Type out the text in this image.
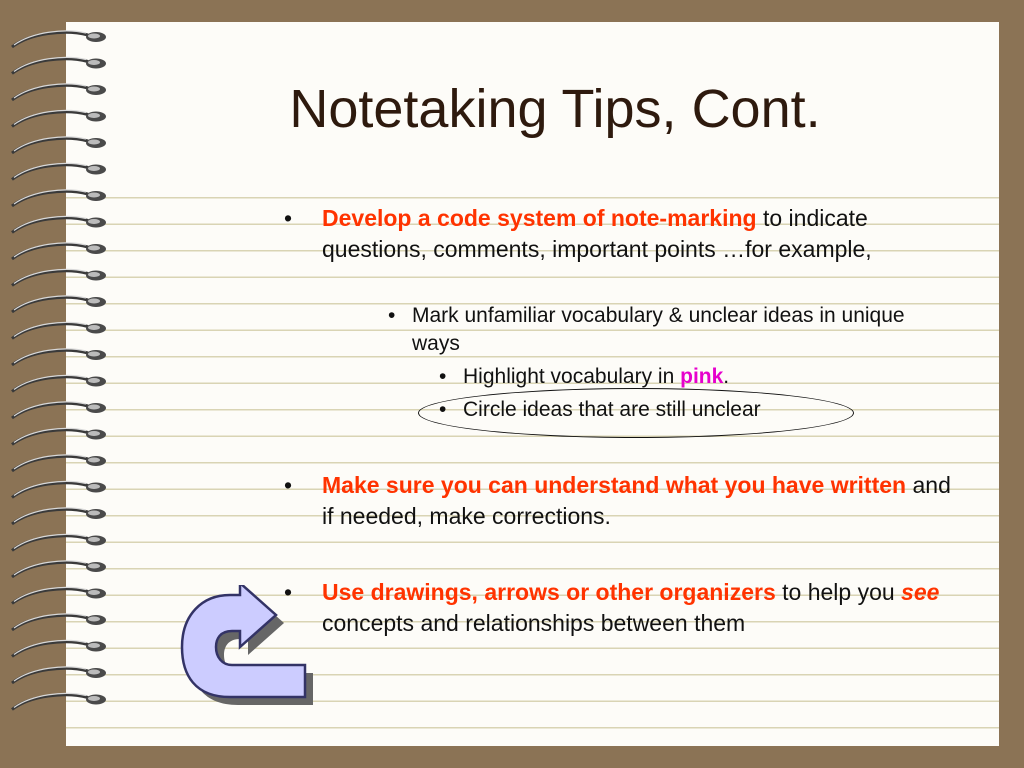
Notetaking Tips, Cont.
• Develop a code system of note-marking to indicate questions, comments, important points …for example,
• Mark unfamiliar vocabulary & unclear ideas in unique ways
• Highlight vocabulary in pink.
• Circle ideas that are still unclear
• Make sure you can understand what you have written and if needed, make corrections.
• Use drawings, arrows or other organizers to help you see concepts and relationships between them
